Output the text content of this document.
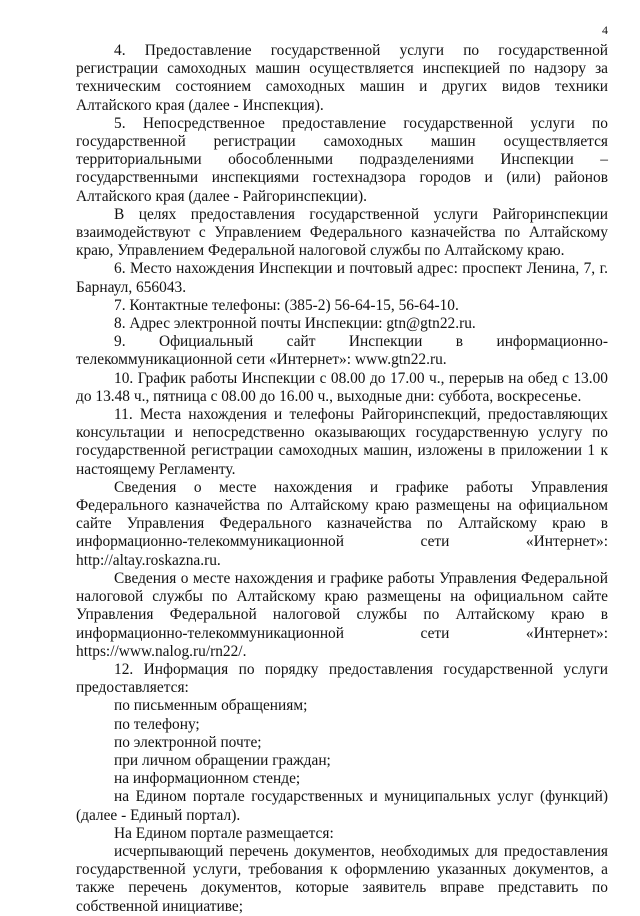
4

4. Предоставление государственной услуги по государственной регистрации самоходных машин осуществляется инспекцией по надзору за техническим состоянием самоходных машин и других видов техники Алтайского края (далее - Инспекция).

5. Непосредственное предоставление государственной услуги по государственной регистрации самоходных машин осуществляется территориальными обособленными подразделениями Инспекции – государственными инспекциями гостехнадзора городов и (или) районов Алтайского края (далее - Райгоринспекции).

В целях предоставления государственной услуги Райгоринспекции взаимодействуют с Управлением Федерального казначейства по Алтайскому краю, Управлением Федеральной налоговой службы по Алтайскому краю.

6. Место нахождения Инспекции и почтовый адрес: проспект Ленина, 7, г. Барнаул, 656043.

7. Контактные телефоны: (385-2) 56-64-15, 56-64-10.

8. Адрес электронной почты Инспекции: gtn@gtn22.ru.

9. Официальный сайт Инспекции в информационно-телекоммуникационной сети «Интернет»: www.gtn22.ru.

10. График работы Инспекции с 08.00 до 17.00 ч., перерыв на обед с 13.00 до 13.48 ч., пятница с 08.00 до 16.00 ч., выходные дни: суббота, воскресенье.

11. Места нахождения и телефоны Райгоринспекций, предоставляющих консультации и непосредственно оказывающих государственную услугу по государственной регистрации самоходных машин, изложены в приложении 1 к настоящему Регламенту.

Сведения о месте нахождения и графике работы Управления Федерального казначейства по Алтайскому краю размещены на официальном сайте Управления Федерального казначейства по Алтайскому краю в информационно-телекоммуникационной сети «Интернет»: http://altay.roskazna.ru.

Сведения о месте нахождения и графике работы Управления Федеральной налоговой службы по Алтайскому краю размещены на официальном сайте Управления Федеральной налоговой службы по Алтайскому краю в информационно-телекоммуникационной сети «Интернет»: https://www.nalog.ru/rn22/.

12. Информация по порядку предоставления государственной услуги предоставляется:

по письменным обращениям;

по телефону;

по электронной почте;

при личном обращении граждан;

на информационном стенде;

на Едином портале государственных и муниципальных услуг (функций) (далее - Единый портал).

На Едином портале размещается:

исчерпывающий перечень документов, необходимых для предоставления государственной услуги, требования к оформлению указанных документов, а также перечень документов, которые заявитель вправе представить по собственной инициативе;
